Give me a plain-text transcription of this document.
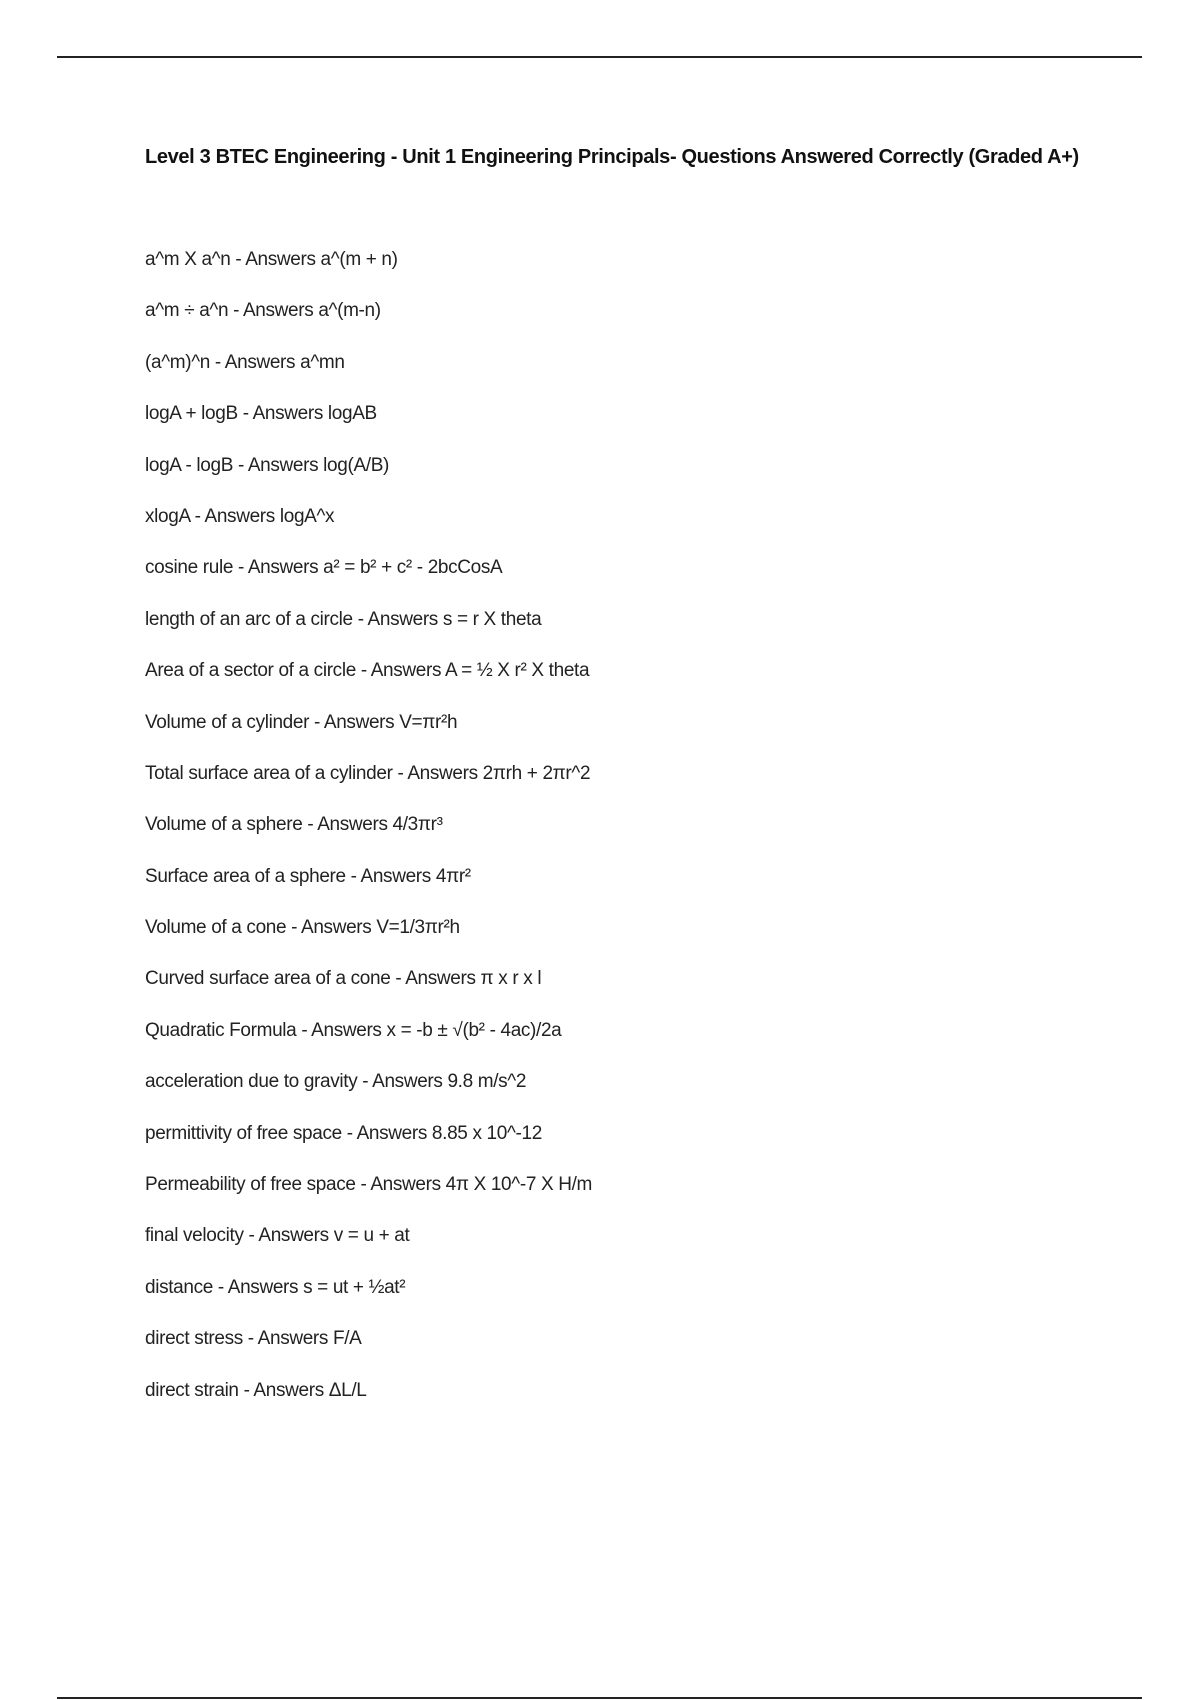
Level 3 BTEC Engineering - Unit 1 Engineering Principals- Questions Answered Correctly (Graded A+)
a^m X a^n - Answers a^(m + n)
a^m ÷ a^n - Answers a^(m-n)
(a^m)^n - Answers a^mn
logA + logB - Answers logAB
logA - logB - Answers log(A/B)
xlogA - Answers logA^x
cosine rule - Answers a² = b² + c² - 2bcCosA
length of an arc of a circle - Answers s = r X theta
Area of a sector of a circle - Answers A = ½ X r² X theta
Volume of a cylinder - Answers V=πr²h
Total surface area of a cylinder - Answers 2πrh + 2πr^2
Volume of a sphere - Answers 4/3πr³
Surface area of a sphere - Answers 4πr²
Volume of a cone - Answers V=1/3πr²h
Curved surface area of a cone - Answers π x r x l
Quadratic Formula - Answers x = -b ± √(b² - 4ac)/2a
acceleration due to gravity - Answers 9.8 m/s^2
permittivity of free space - Answers 8.85 x 10^-12
Permeability of free space - Answers 4π X 10^-7 X H/m
final velocity - Answers v = u + at
distance - Answers s = ut + ½at²
direct stress - Answers F/A
direct strain - Answers ΔL/L
